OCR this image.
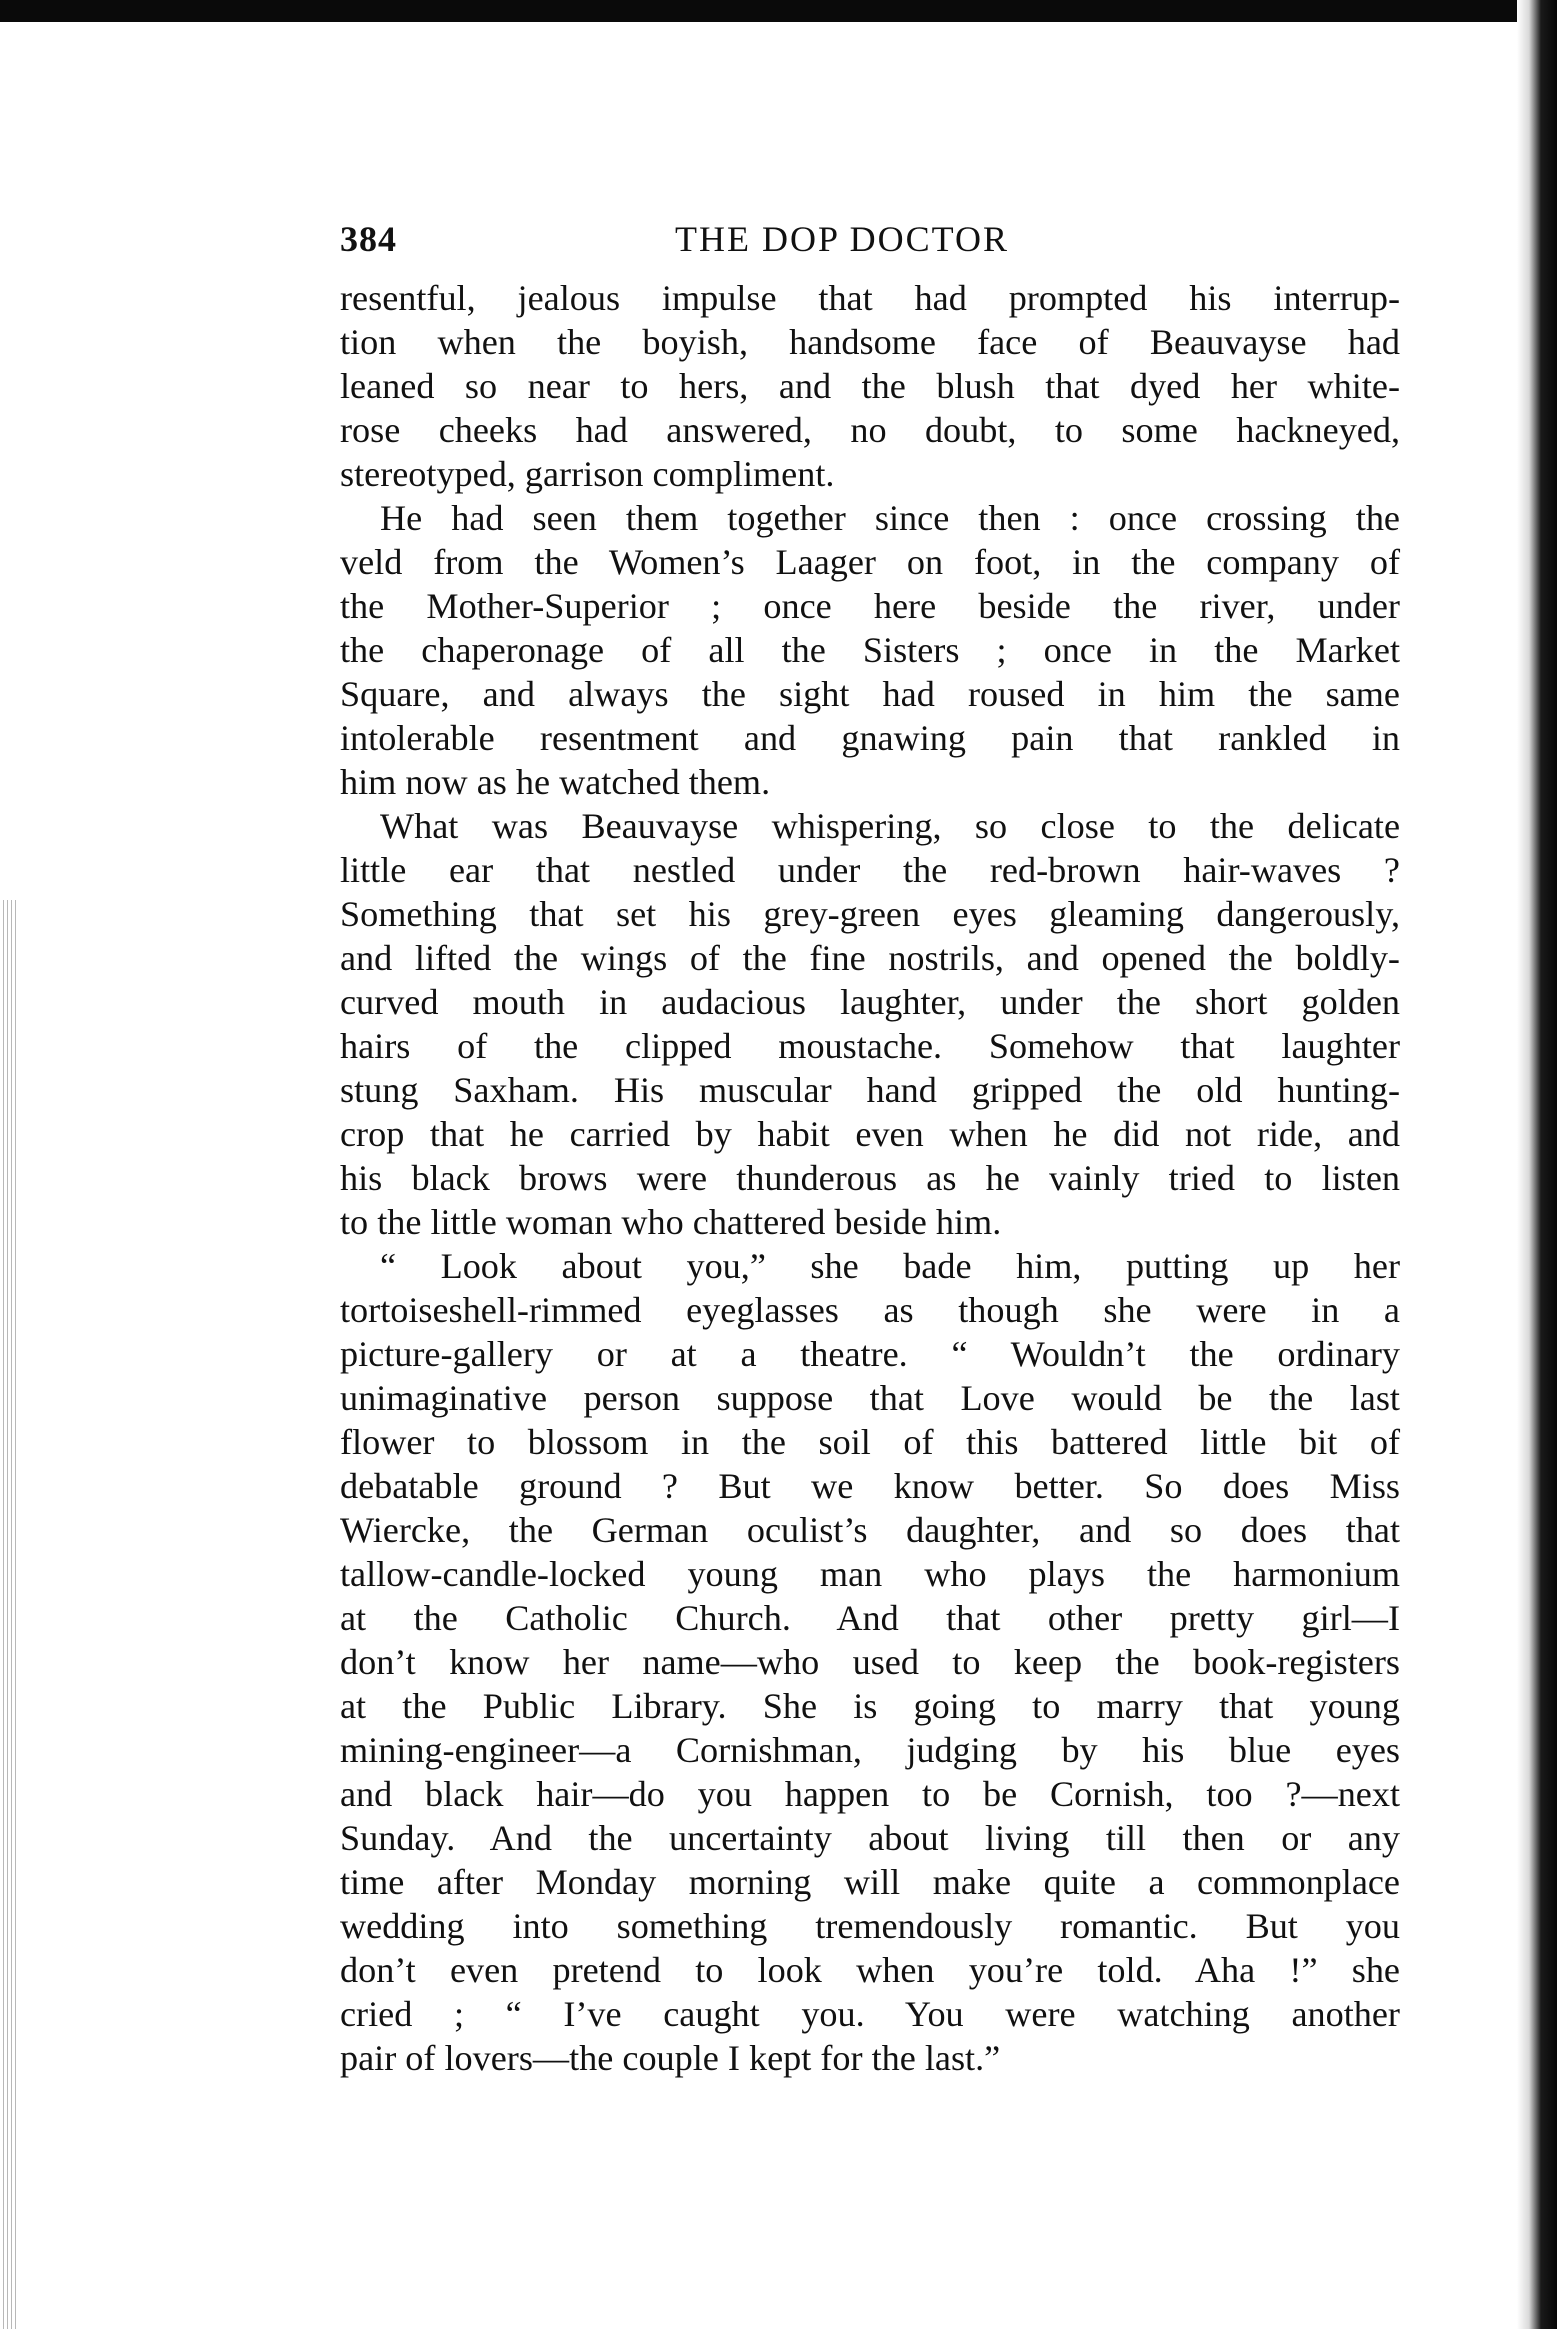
384	THE DOP DOCTOR
resentful, jealous impulse that had prompted his interrup-
tion when the boyish, handsome face of Beauvayse had
leaned so near to hers, and the blush that dyed her white-
rose cheeks had answered, no doubt, to some hackneyed,
stereotyped, garrison compliment.
He had seen them together since then : once crossing the
veld from the Women’s Laager on foot, in the company of
the Mother-Superior ; once here beside the river, under
the chaperonage of all the Sisters ; once in the Market
Square, and always the sight had roused in him the same
intolerable resentment and gnawing pain that rankled in
him now as he watched them.
What was Beauvayse whispering, so close to the delicate
little ear that nestled under the red-brown hair-waves ?
Something that set his grey-green eyes gleaming dangerously,
and lifted the wings of the fine nostrils, and opened the boldly-
curved mouth in audacious laughter, under the short golden
hairs of the clipped moustache. Somehow that laughter
stung Saxham. His muscular hand gripped the old hunting-
crop that he carried by habit even when he did not ride, and
his black brows were thunderous as he vainly tried to listen
to the little woman who chattered beside him.
“ Look about you,” she bade him, putting up her
tortoiseshell-rimmed eyeglasses as though she were in a
picture-gallery or at a theatre. “ Wouldn’t the ordinary
unimaginative person suppose that Love would be the last
flower to blossom in the soil of this battered little bit of
debatable ground ? But we know better. So does Miss
Wiercke, the German oculist’s daughter, and so does that
tallow-candle-locked young man who plays the harmonium
at the Catholic Church. And that other pretty girl—I
don’t know her name—who used to keep the book-registers
at the Public Library. She is going to marry that young
mining-engineer—a Cornishman, judging by his blue eyes
and black hair—do you happen to be Cornish, too ?—next
Sunday. And the uncertainty about living till then or any
time after Monday morning will make quite a commonplace
wedding into something tremendously romantic. But you
don’t even pretend to look when you’re told. Aha !” she
cried ; “ I’ve caught you. You were watching another
pair of lovers—the couple I kept for the last.”
